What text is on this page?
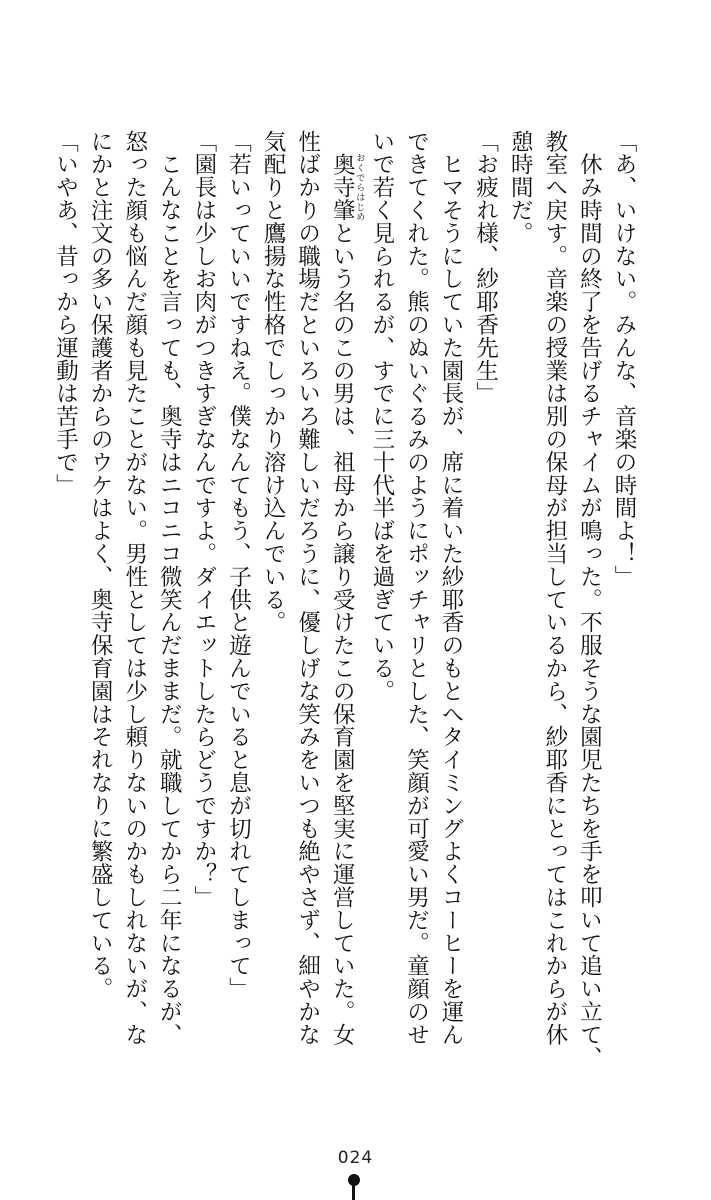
「あ、いけない。みんな、音楽の時間よ！」
　休み時間の終了を告げるチャイムが鳴った。不服そうな園児たちを手を叩いて追い立て、
教室へ戻す。音楽の授業は別の保母が担当しているから、紗耶香にとってはこれからが休
憩時間だ。
「お疲れ様、紗耶香先生」
　ヒマそうにしていた園長が、席に着いた紗耶香のもとへタイミングよくコーヒーを運ん
できてくれた。熊のぬいぐるみのようにポッチャリとした、笑顔が可愛い男だ。童顔のせ
いで若く見られるが、すでに三十代半ばを過ぎている。
　奥寺肇 おくでらはじめという名のこの男は、祖母から譲り受けたこの保育園を堅実に運営していた。女
性ばかりの職場だといろいろ難しいだろうに、優しげな笑みをいつも絶やさず、細やかな
気配りと鷹揚な性格でしっかり溶け込んでいる。
「若いっていいですねえ。僕なんてもう、子供と遊んでいると息が切れてしまって」
「園長は少しお肉がつきすぎなんですよ。ダイエットしたらどうですか？」
　こんなことを言っても、奥寺はニコニコ微笑んだままだ。就職してから二年になるが、
怒った顔も悩んだ顔も見たことがない。男性としては少し頼りないのかもしれないが、な
にかと注文の多い保護者からのウケはよく、奥寺保育園はそれなりに繁盛している。
「いやあ、昔っから運動は苦手で」
024
